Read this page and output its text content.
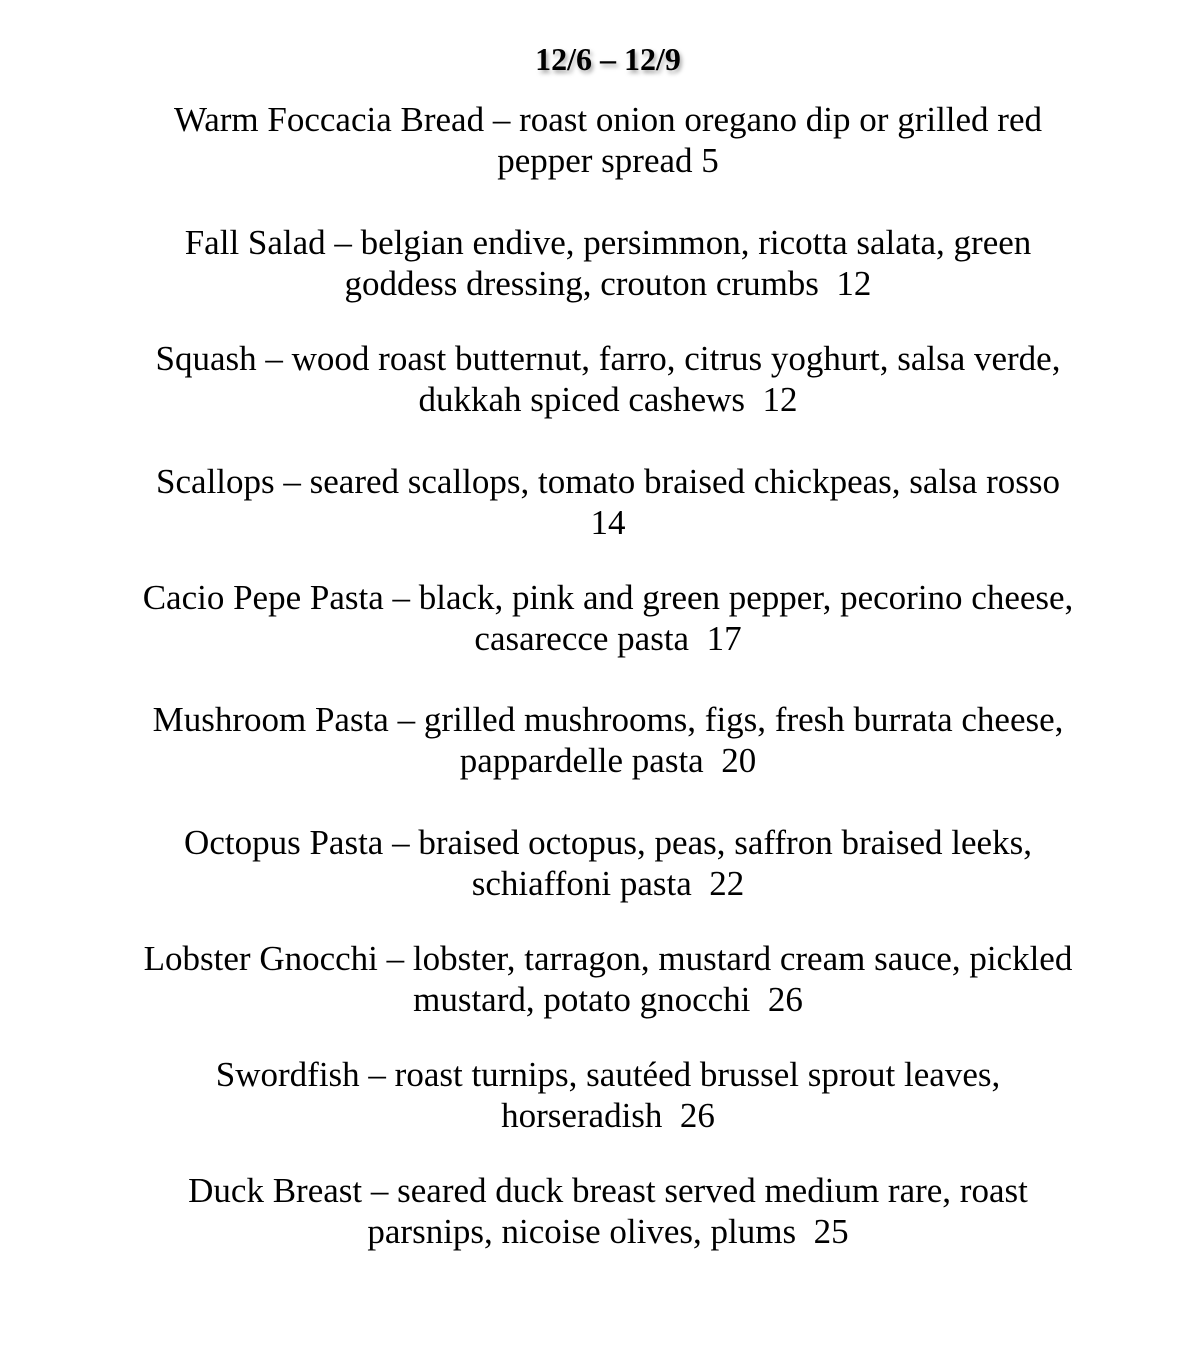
12/6 – 12/9
Warm Foccacia Bread – roast onion oregano dip or grilled red
pepper spread 5
Fall Salad – belgian endive, persimmon, ricotta salata, green
goddess dressing, crouton crumbs  12
Squash – wood roast butternut, farro, citrus yoghurt, salsa verde,
dukkah spiced cashews  12
Scallops – seared scallops, tomato braised chickpeas, salsa rosso
14
Cacio Pepe Pasta – black, pink and green pepper, pecorino cheese,
casarecce pasta  17
Mushroom Pasta – grilled mushrooms, figs, fresh burrata cheese,
pappardelle pasta  20
Octopus Pasta – braised octopus, peas, saffron braised leeks,
schiaffoni pasta  22
Lobster Gnocchi – lobster, tarragon, mustard cream sauce, pickled
mustard, potato gnocchi  26
Swordfish – roast turnips, sautéed brussel sprout leaves,
horseradish  26
Duck Breast – seared duck breast served medium rare, roast
parsnips, nicoise olives, plums  25
